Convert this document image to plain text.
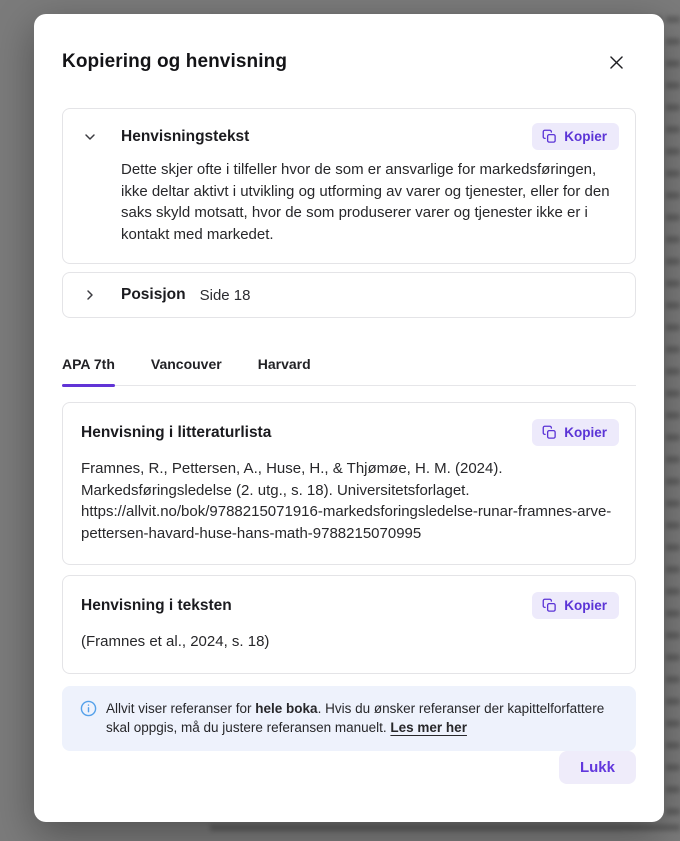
Kopiering og henvisning
Henvisningstekst	Kopier

Dette skjer ofte i tilfeller hvor de som er ansvarlige for markedsføringen, ikke deltar aktivt i utvikling og utforming av varer og tjenester, eller for den saks skyld motsatt, hvor de som produserer varer og tjenester ikke er i kontakt med markedet.

Posisjon Side 18
APA 7th	Vancouver	Harvard
Henvisning i litteraturlista	Kopier

Framnes, R., Pettersen, A., Huse, H., & Thjømøe, H. M. (2024). Markedsføringsledelse (2. utg., s. 18). Universitetsforlaget. https://allvit.no/bok/9788215071916-markedsforingsledelse-runar-framnes-arve-pettersen-havard-huse-hans-math-9788215070995

Henvisning i teksten	Kopier

(Framnes et al., 2024, s. 18)

Allvit viser referanser for hele boka. Hvis du ønsker referanser der kapittelforfattere skal oppgis, må du justere referansen manuelt. Les mer her

Lukk
